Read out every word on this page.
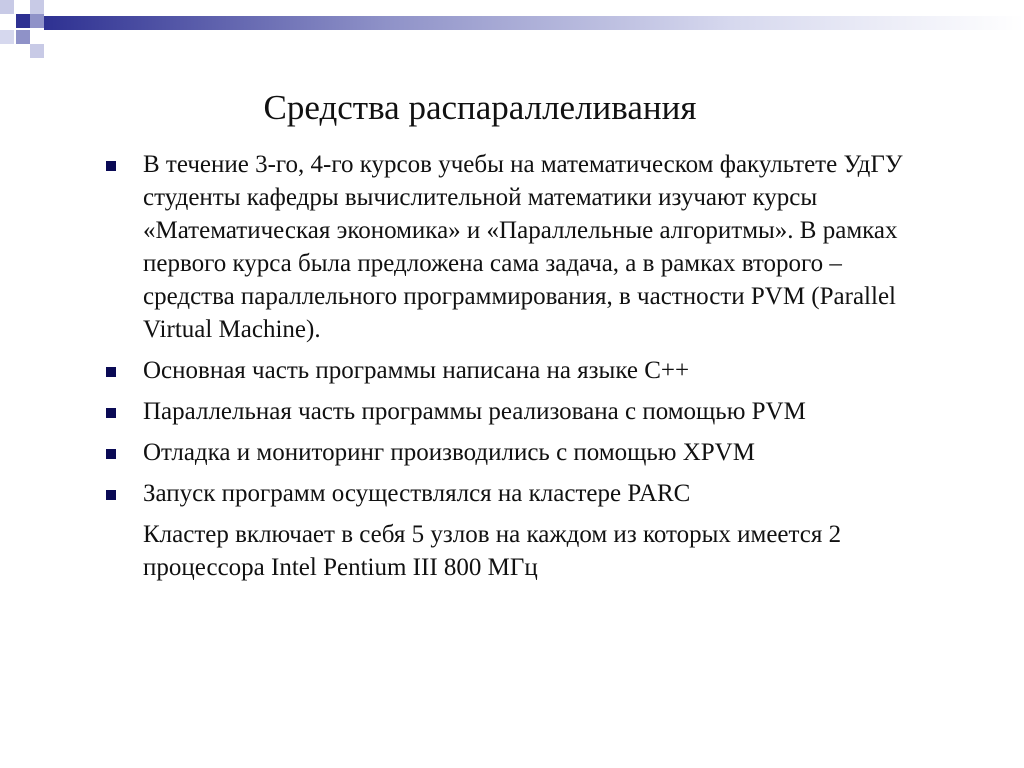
Средства распараллеливания
В течение 3-го, 4-го курсов учебы на математическом факультете УдГУ студенты кафедры вычислительной математики изучают курсы «Математическая экономика» и «Параллельные алгоритмы». В рамках первого курса была предложена сама задача, а в рамках второго – средства параллельного программирования, в частности PVM (Parallel Virtual Machine).
Основная часть программы написана на языке С++
Параллельная часть программы реализована с помощью PVM
Отладка и мониторинг производились с помощью XPVM
Запуск программ осуществлялся на кластере PARC
Кластер включает в себя 5 узлов на каждом из которых имеется 2 процессора Intel Pentium III 800 МГц
